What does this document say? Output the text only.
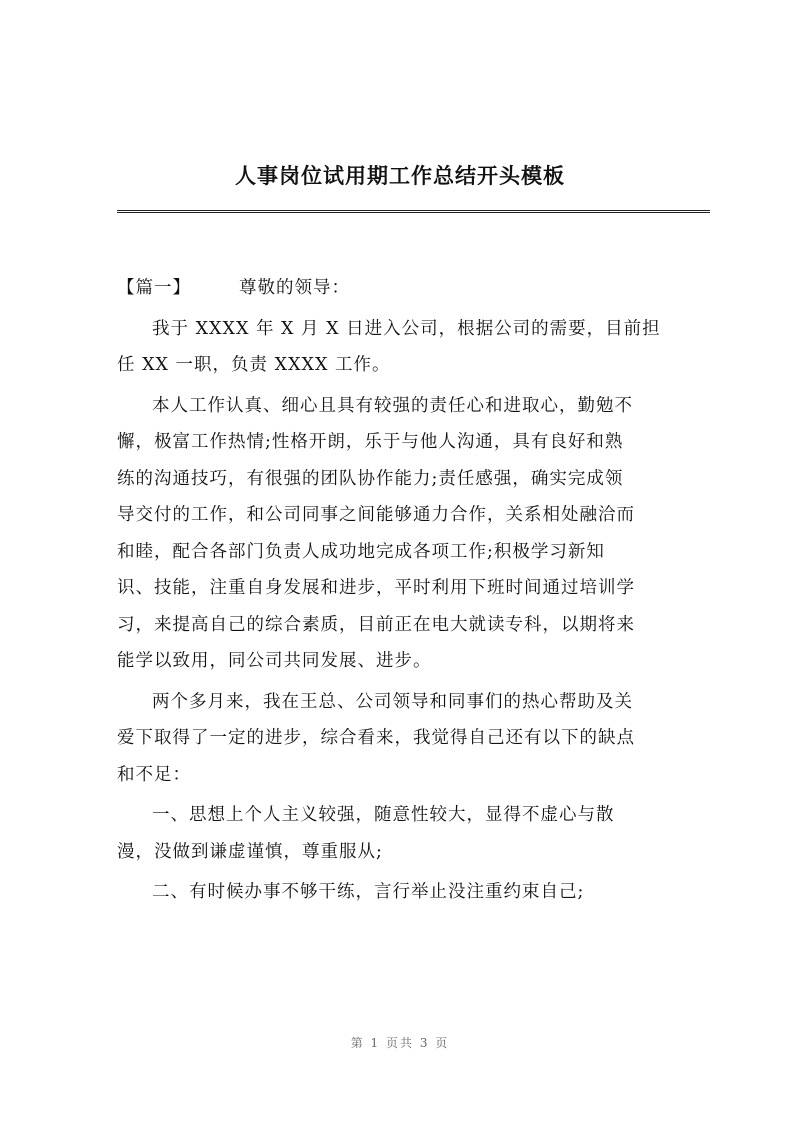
人事岗位试用期工作总结开头模板
【篇一】	尊敬的领导：
我于 XXXX 年 X 月 X 日进入公司，根据公司的需要，目前担
任 XX 一职，负责 XXXX 工作。
本人工作认真、细心且具有较强的责任心和进取心，勤勉不
懈，极富工作热情;性格开朗，乐于与他人沟通，具有良好和熟
练的沟通技巧，有很强的团队协作能力;责任感强，确实完成领
导交付的工作，和公司同事之间能够通力合作，关系相处融洽而
和睦，配合各部门负责人成功地完成各项工作;积极学习新知
识、技能，注重自身发展和进步，平时利用下班时间通过培训学
习，来提高自己的综合素质，目前正在电大就读专科，以期将来
能学以致用，同公司共同发展、进步。
两个多月来，我在王总、公司领导和同事们的热心帮助及关
爱下取得了一定的进步，综合看来，我觉得自己还有以下的缺点
和不足：
一、思想上个人主义较强，随意性较大，显得不虚心与散
漫，没做到谦虚谨慎，尊重服从;
二、有时候办事不够干练，言行举止没注重约束自己;
第 1 页共 3 页
